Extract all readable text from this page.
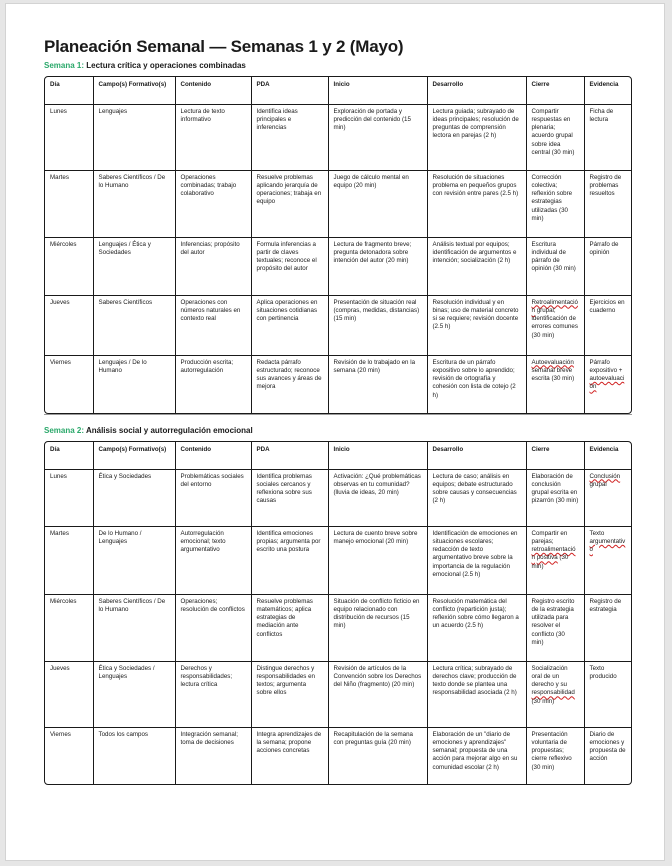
Planeación Semanal — Semanas 1 y 2 (Mayo)
Semana 1: Lectura crítica y operaciones combinadas
Día	Campo(s) Formativo(s)	Contenido	PDA	Inicio	Desarrollo	Cierre	Evidencia
Lunes	Lenguajes	Lectura de texto informativo	Identifica ideas principales e inferencias	Exploración de portada y predicción del contenido (15 min)	Lectura guiada; subrayado de ideas principales; resolución de preguntas de comprensión lectora en parejas (2 h)	Compartir respuestas en plenaria; acuerdo grupal sobre idea central (30 min)	Ficha de lectura
Martes	Saberes Científicos / De lo Humano	Operaciones combinadas; trabajo colaborativo	Resuelve problemas aplicando jerarquía de operaciones; trabaja en equipo	Juego de cálculo mental en equipo (20 min)	Resolución de situaciones problema en pequeños grupos con revisión entre pares (2.5 h)	Corrección colectiva; reflexión sobre estrategias utilizadas (30 min)	Registro de problemas resueltos
Miércoles	Lenguajes / Ética y Sociedades	Inferencias; propósito del autor	Formula inferencias a partir de claves textuales; reconoce el propósito del autor	Lectura de fragmento breve; pregunta detonadora sobre intención del autor (20 min)	Análisis textual por equipos; identificación de argumentos e intención; socialización (2 h)	Escritura individual de párrafo de opinión (30 min)	Párrafo de opinión
Jueves	Saberes Científicos	Operaciones con números naturales en contexto real	Aplica operaciones en situaciones cotidianas con pertinencia	Presentación de situación real (compras, medidas, distancias) (15 min)	Resolución individual y en binas; uso de material concreto si se requiere; revisión docente (2.5 h)	Retroalimentación grupal; identificación de errores comunes (30 min)	Ejercicios en cuaderno
Viernes	Lenguajes / De lo Humano	Producción escrita; autorregulación	Redacta párrafo estructurado; reconoce sus avances y áreas de mejora	Revisión de lo trabajado en la semana (20 min)	Escritura de un párrafo expositivo sobre lo aprendido; revisión de ortografía y cohesión con lista de cotejo (2 h)	Autoevaluación semanal breve escrita (30 min)	Párrafo expositivo + autoevaluación
Semana 2: Análisis social y autorregulación emocional
Día	Campo(s) Formativo(s)	Contenido	PDA	Inicio	Desarrollo	Cierre	Evidencia
Lunes	Ética y Sociedades	Problemáticas sociales del entorno	Identifica problemas sociales cercanos y reflexiona sobre sus causas	Activación: ¿Qué problemáticas observas en tu comunidad? (lluvia de ideas, 20 min)	Lectura de caso; análisis en equipos; debate estructurado sobre causas y consecuencias (2 h)	Elaboración de conclusión grupal escrita en pizarrón (30 min)	Conclusión grupal
Martes	De lo Humano / Lenguajes	Autorregulación emocional; texto argumentativo	Identifica emociones propias; argumenta por escrito una postura	Lectura de cuento breve sobre manejo emocional (20 min)	Identificación de emociones en situaciones escolares; redacción de texto argumentativo breve sobre la importancia de la regulación emocional (2.5 h)	Compartir en parejas; retroalimentación positiva (30 min)	Texto argumentativo
Miércoles	Saberes Científicos / De lo Humano	Operaciones; resolución de conflictos	Resuelve problemas matemáticos; aplica estrategias de mediación ante conflictos	Situación de conflicto ficticio en equipo relacionado con distribución de recursos (15 min)	Resolución matemática del conflicto (repartición justa); reflexión sobre cómo llegaron a un acuerdo (2.5 h)	Registro escrito de la estrategia utilizada para resolver el conflicto (30 min)	Registro de estrategia
Jueves	Ética y Sociedades / Lenguajes	Derechos y responsabilidades; lectura crítica	Distingue derechos y responsabilidades en textos; argumenta sobre ellos	Revisión de artículos de la Convención sobre los Derechos del Niño (fragmento) (20 min)	Lectura crítica; subrayado de derechos clave; producción de texto donde se plantea una responsabilidad asociada (2 h)	Socialización oral de un derecho y su responsabilidad (30 min)	Texto producido
Viernes	Todos los campos	Integración semanal; toma de decisiones	Integra aprendizajes de la semana; propone acciones concretas	Recapitulación de la semana con preguntas guía (20 min)	Elaboración de un "diario de emociones y aprendizajes" semanal; propuesta de una acción para mejorar algo en su comunidad escolar (2 h)	Presentación voluntaria de propuestas; cierre reflexivo (30 min)	Diario de emociones y propuesta de acción
